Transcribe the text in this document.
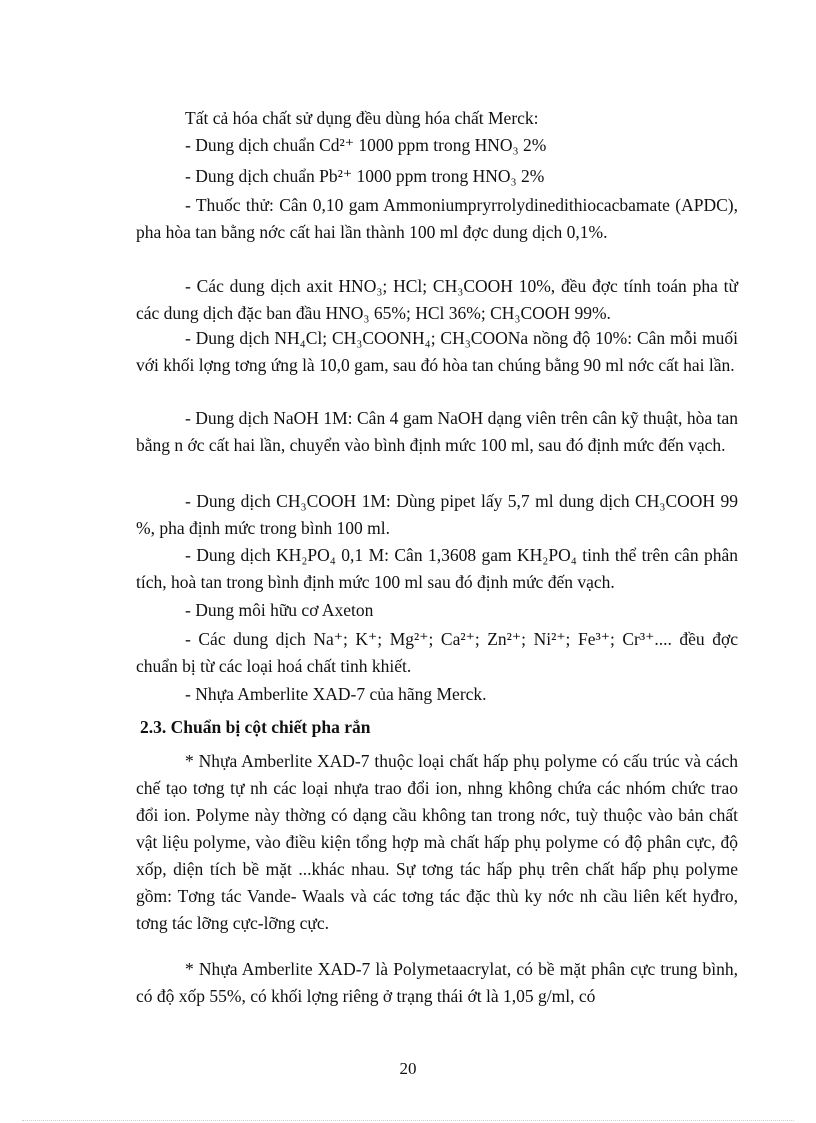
Tất cả hóa chất sử dụng đều dùng hóa chất Merck:

- Dung dịch chuẩn Cd²⁺ 1000 ppm trong HNO₃ 2%

- Dung dịch chuẩn Pb²⁺ 1000 ppm trong HNO₃ 2%

- Thuốc thử: Cân 0,10 gam Ammoniumpryrrolydinedithiocacbamate (APDC), pha hòa tan bằng nớc cất hai lần thành 100 ml đợc dung dịch 0,1%.

- Các dung dịch axit HNO₃; HCl; CH₃COOH 10%, đều đợc tính toán pha từ các dung dịch đặc ban đầu HNO₃ 65%; HCl 36%; CH₃COOH 99%.

- Dung dịch NH₄Cl; CH₃COONH₄; CH₃COONa nồng độ 10%: Cân mỗi muối với khối lợng tơng ứng là 10,0 gam, sau đó hòa tan chúng bằng 90 ml nớc cất hai lần.

- Dung dịch NaOH 1M: Cân 4 gam NaOH dạng viên trên cân kỹ thuật, hòa tan bằng n ớc cất hai lần, chuyển vào bình định mức 100 ml, sau đó định mức đến vạch.

- Dung dịch CH₃COOH 1M: Dùng pipet lấy 5,7 ml dung dịch CH₃COOH 99 %, pha định mức trong bình 100 ml.

- Dung dịch KH₂PO₄ 0,1 M: Cân 1,3608 gam KH₂PO₄ tinh thể trên cân phân tích, hoà tan trong bình định mức 100 ml sau đó định mức đến vạch.

- Dung môi hữu cơ Axeton

- Các dung dịch Na⁺; K⁺; Mg²⁺; Ca²⁺; Zn²⁺; Ni²⁺; Fe³⁺; Cr³⁺.... đều đợc chuẩn bị từ các loại hoá chất tinh khiết.

- Nhựa Amberlite XAD-7 của hãng Merck.

2.3. Chuẩn bị cột chiết pha rắn

* Nhựa Amberlite XAD-7 thuộc loại chất hấp phụ polyme có cấu trúc và cách chế tạo tơng tự nh các loại nhựa trao đổi ion, nhng không chứa các nhóm chức trao đổi ion. Polyme này thờng có dạng cầu không tan trong nớc, tuỳ thuộc vào bản chất vật liệu polyme, vào điều kiện tổng hợp mà chất hấp phụ polyme có độ phân cực, độ xốp, diện tích bề mặt ...khác nhau. Sự tơng tác hấp phụ trên chất hấp phụ polyme gồm: Tơng tác Vande- Waals và các tơng tác đặc thù ky nớc nh cầu liên kết hyđro, tơng tác lỡng cực-lỡng cực.

* Nhựa Amberlite XAD-7 là Polymetaacrylat, có bề mặt phân cực trung bình, có độ xốp 55%, có khối lợng riêng ở trạng thái ớt là 1,05 g/ml, có

20
